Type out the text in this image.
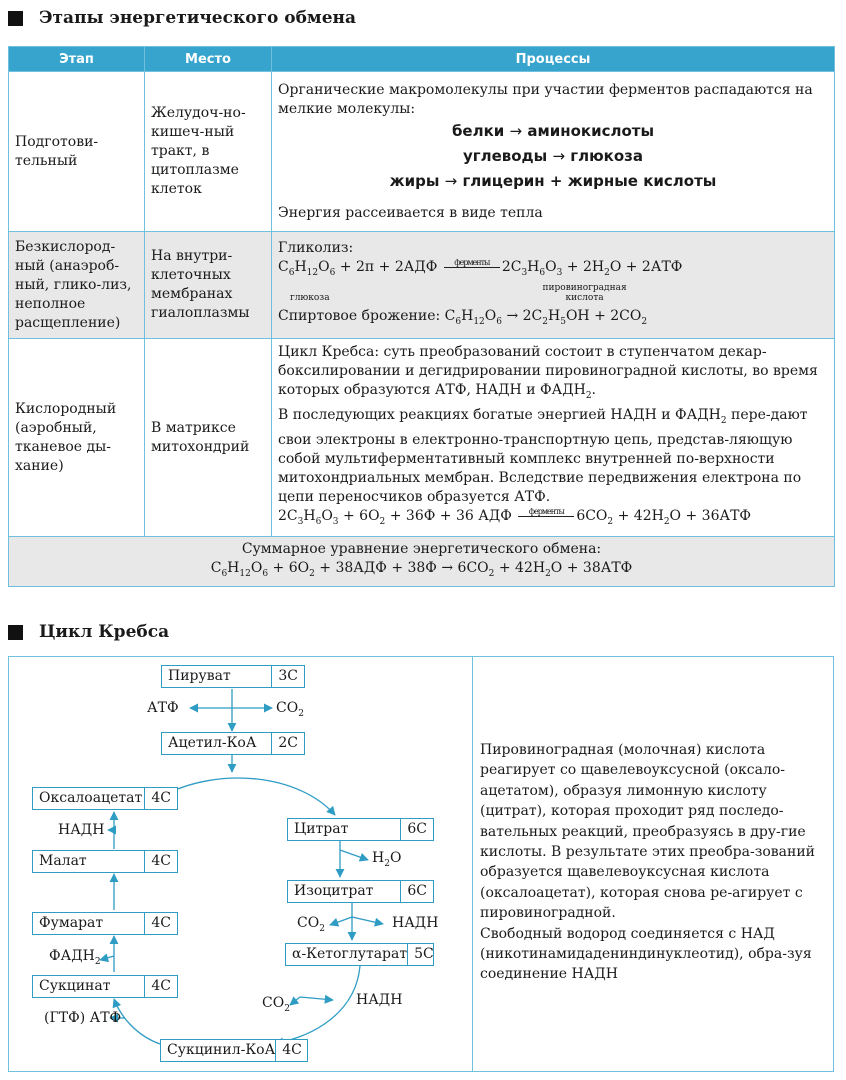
Этапы энергетического обмена
Этап	Место	Процессы
Подготови-тельный	Желудоч-но-кишеч-ный тракт, в цитоплазме клеток	Органические макромолекулы при участии ферментов распадаются на мелкие молекулы:
белки → аминокислоты
углеводы → глюкоза
жиры → глицерин + жирные кислоты
Энергия рассеивается в виде тепла

Безкислород-ный (анаэроб-ный, глико-лиз, неполное расщепление)	На внутри-клеточных мембранах гиалоплазмы	Гликолиз:
$С_6Н_{12}О_6 + 2п + 2АДФ$ ферменты $2С_3Н_6О_3 + 2Н_2О + 2АТФ$
глюкозапировиноградная кислота
Спиртовое брожение: $С_6Н_{12}О_6 \to 2С_2Н_5ОН + 2СО_2$

Кислородный (аэробный, тканевое ды-хание)	В матриксе митохондрий	Цикл Кребса: суть преобразований состоит в ступенчатом декар-боксилировании и дегидрировании пировиноградной кислоты, во время которых образуются АТФ, НАДН и $ФАДН_2$.
В последующих реакциях богатые энергией НАДН и $ФАДН_2$ пере-дают свои электроны в електронно-транспортную цепь, представ-ляющую собой мультиферментативный комплекс внутренней по-верхности митохондриальных мембран. Вследствие передвижения електрона по цепи переносчиков образуется АТФ.
$2С_3Н_6О_3 + 6О_2 + 36Ф + 36$ АДФ ферменты $6СО_2 + 42Н_2О + 36АТФ$

Суммарное уравнение энергетического обмена:
$С_6Н_{12}О_6 + 6О_2 + 38АДФ + 38Ф \to 6СО_2 + 42Н_2О + 38АТФ$		
Цикл Кребса
Пируват	3С
Ацетил-КоА	2С
Цитрат	6С
Изоцитрат	6С
α-Кетоглутарат 5С
Сукцинил-КоА 4С
Сукцинат	4С
Фумарат	4С
Малат	4С
Оксалоацетат 4С
АТФ	$СО_2$
$Н_2О$
$СО_2$	НАДН
$СО_2$
НАДН
НАДН
$ФАДН_2$
(ГТФ) АТФ
Пировиноградная (молочная) кислота реагирует со щавелевоуксусной (оксало-ацетатом), образуя лимонную кислоту (цитрат), которая проходит ряд последо-вательных реакций, преобразуясь в дру-гие кислоты. В результате этих преобра-зований образуется щавелевоуксусная кислота (оксалоацетат), которая снова ре-агирует с пировиноградной.
Свободный водород соединяется с НАД (никотинамидадениндинуклеотид), обра-зуя соединение НАДН
